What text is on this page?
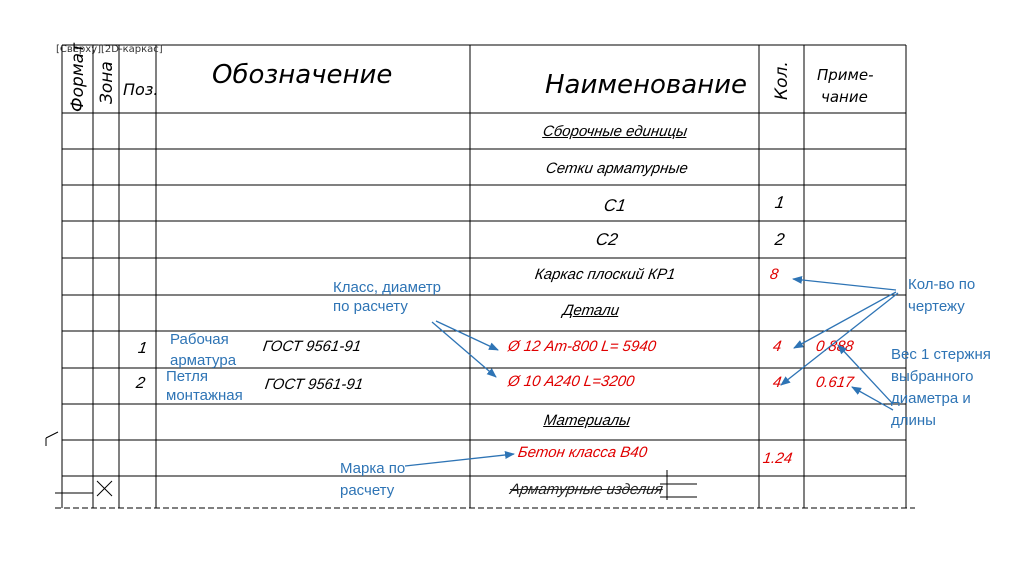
[Сверху][2D-каркас]
Формат Зона Поз. Обозначение	Наименование Кол. Приме-
чание
Сборочные единицы
Сетки арматурные
С1	1
С2	2
Каркас плоский КР1	8
Детали
1	ГОСТ 9561-91	Ø 12 Ат-800 L= 5940	4 0.888
2	ГОСТ 9561-91	Ø 10 А240 L=3200	4 0.617
Материалы
Бетон класса В40	1.24
Арматурные изделия
Класс, диаметр
по расчету
Рабочая
арматура
Петля
монтажная
Кол-во по
чертежу
Вес 1 стержня
выбранного
диаметра и
длины
Марка по
расчету
